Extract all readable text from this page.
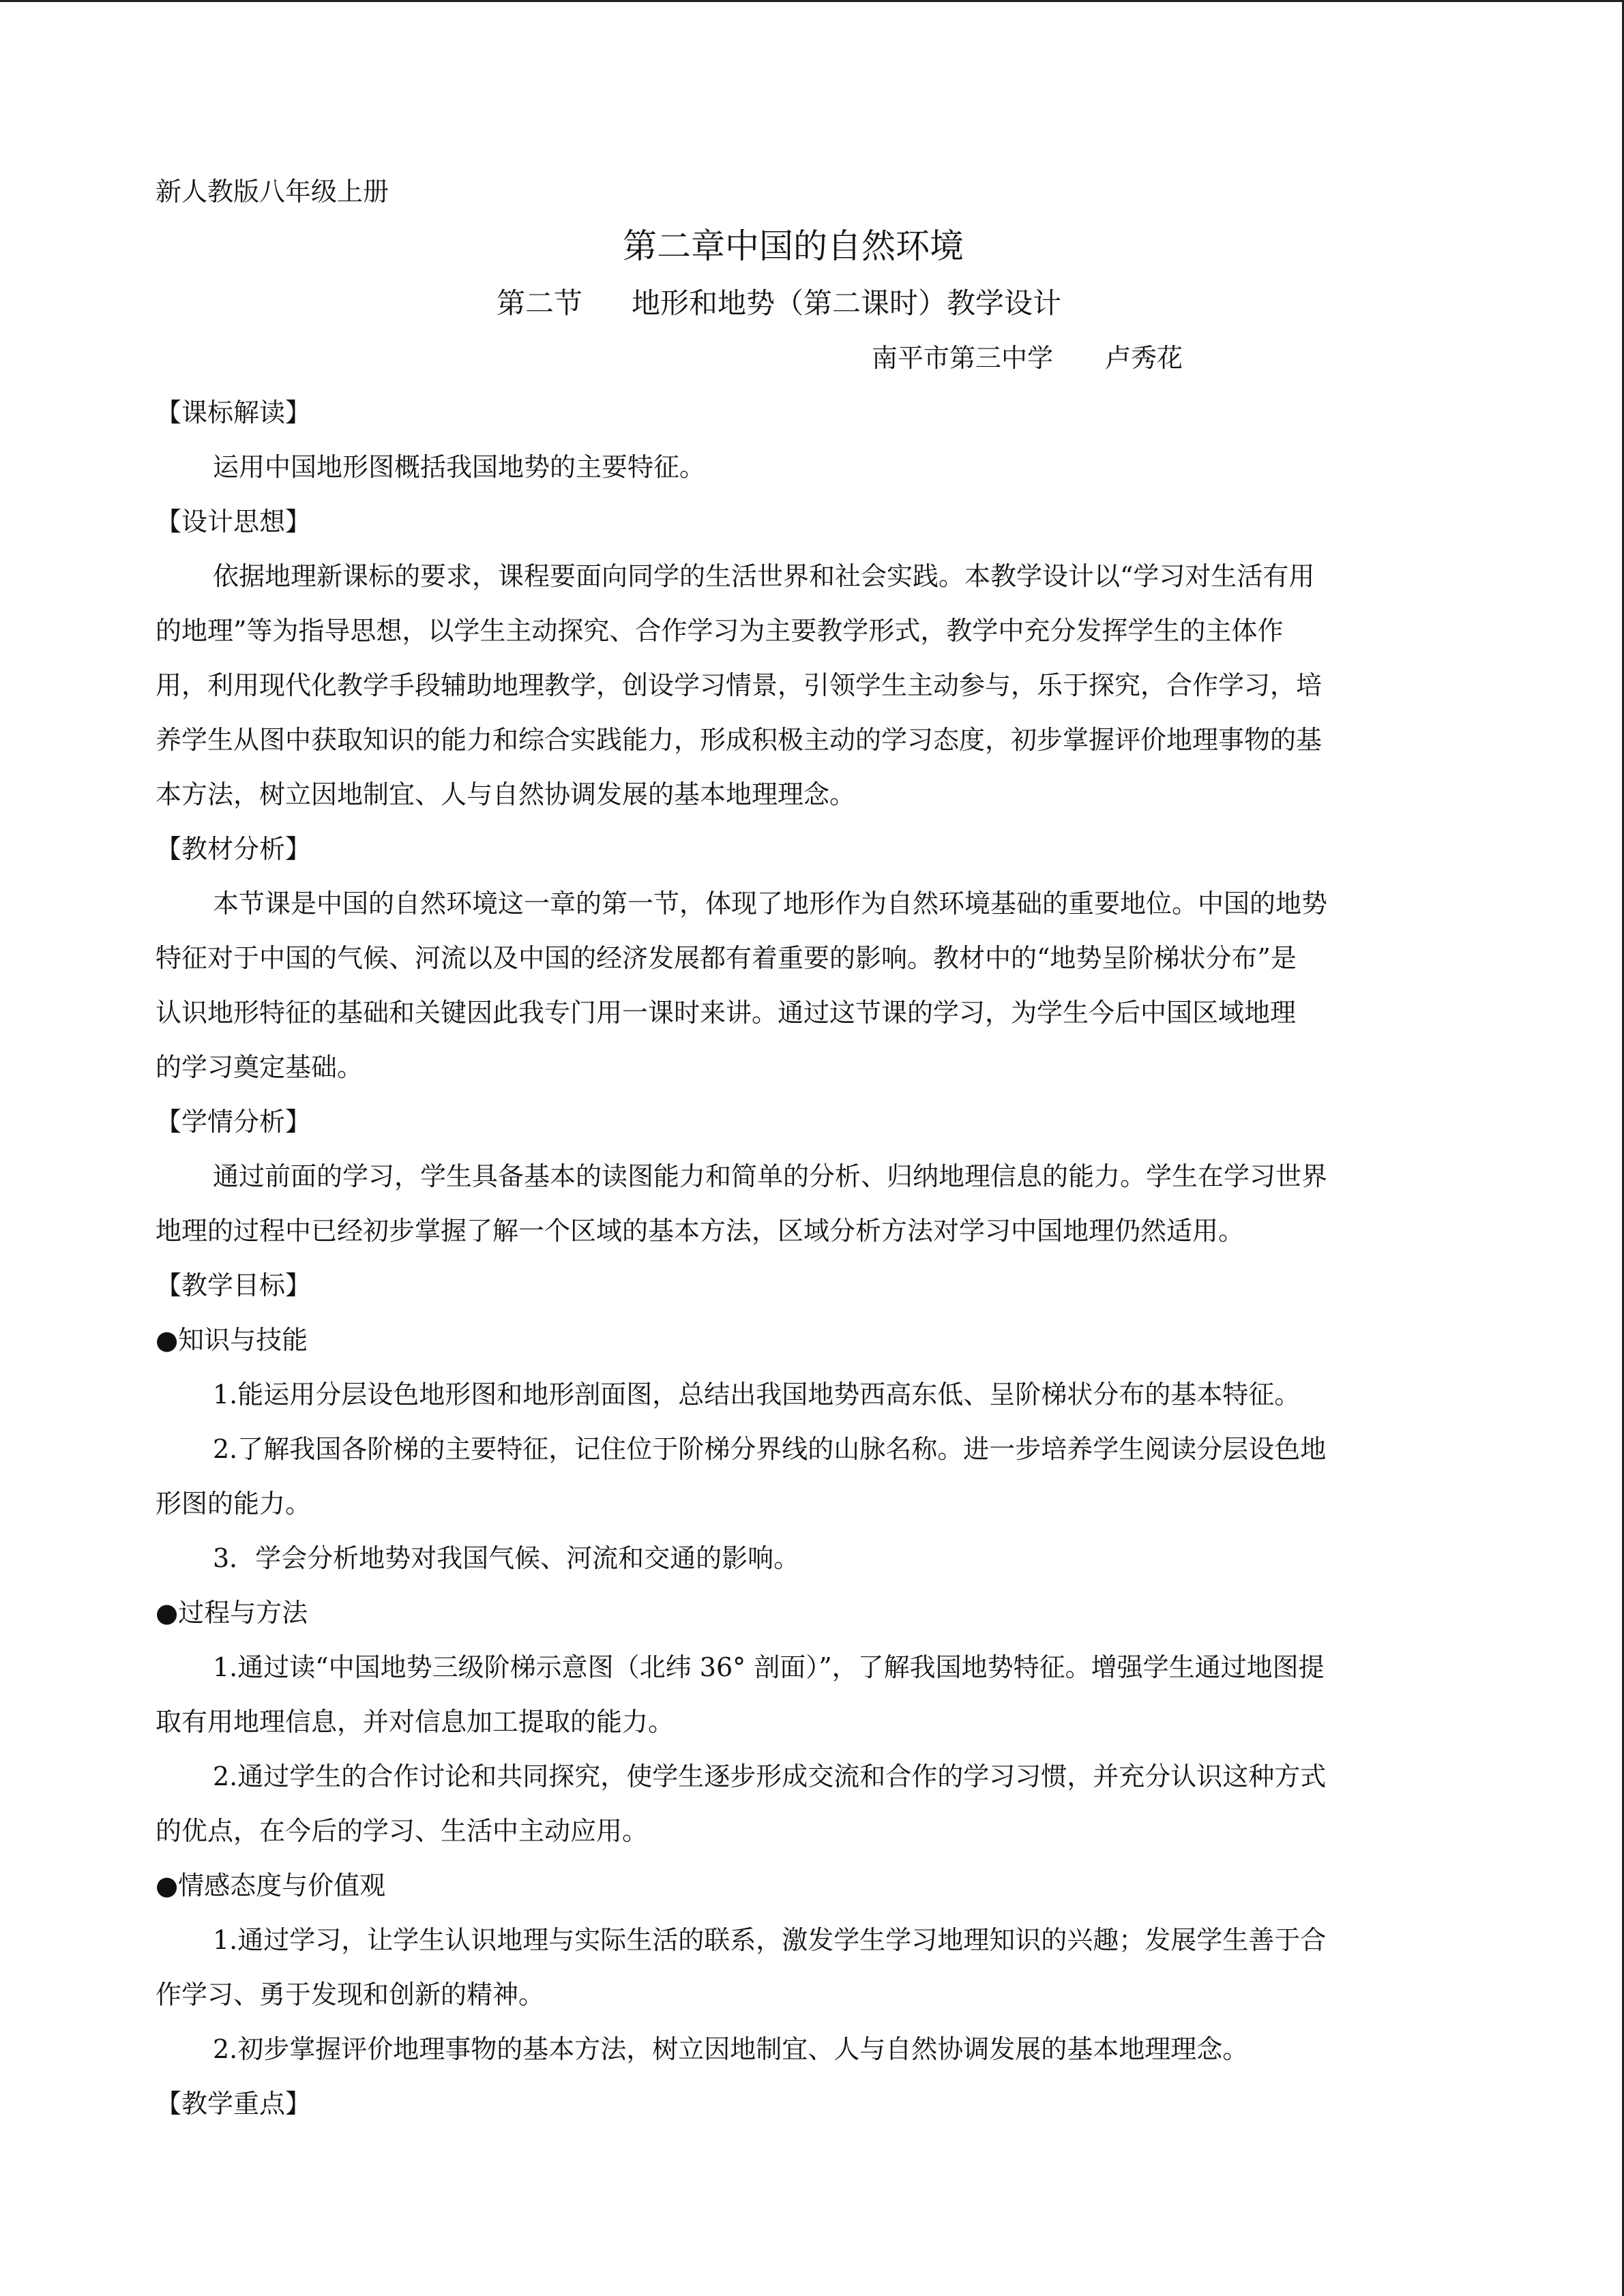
新人教版八年级上册
第二章中国的自然环境
第二节 地形和地势（第二课时）教学设计
南平市第三中学 卢秀花
【课标解读】
运用中国地形图概括我国地势的主要特征。
【设计思想】
依据地理新课标的要求，课程要面向同学的生活世界和社会实践。本教学设计以“学习对生活有用
的地理”等为指导思想，以学生主动探究、合作学习为主要教学形式，教学中充分发挥学生的主体作
用，利用现代化教学手段辅助地理教学，创设学习情景，引领学生主动参与，乐于探究，合作学习，培
养学生从图中获取知识的能力和综合实践能力，形成积极主动的学习态度，初步掌握评价地理事物的基
本方法，树立因地制宜、人与自然协调发展的基本地理理念。
【教材分析】
本节课是中国的自然环境这一章的第一节，体现了地形作为自然环境基础的重要地位。中国的地势
特征对于中国的气候、河流以及中国的经济发展都有着重要的影响。教材中的“地势呈阶梯状分布”是
认识地形特征的基础和关键因此我专门用一课时来讲。通过这节课的学习，为学生今后中国区域地理
的学习奠定基础。
【学情分析】
通过前面的学习，学生具备基本的读图能力和简单的分析、归纳地理信息的能力。学生在学习世界
地理的过程中已经初步掌握了解一个区域的基本方法，区域分析方法对学习中国地理仍然适用。
【教学目标】
●知识与技能
1.能运用分层设色地形图和地形剖面图，总结出我国地势西高东低、呈阶梯状分布的基本特征。
2.了解我国各阶梯的主要特征，记住位于阶梯分界线的山脉名称。进一步培养学生阅读分层设色地
形图的能力。
3．学会分析地势对我国气候、河流和交通的影响。
●过程与方法
1.通过读“中国地势三级阶梯示意图（北纬 36° 剖面）”，了解我国地势特征。增强学生通过地图提
取有用地理信息，并对信息加工提取的能力。
2.通过学生的合作讨论和共同探究，使学生逐步形成交流和合作的学习习惯，并充分认识这种方式
的优点，在今后的学习、生活中主动应用。
●情感态度与价值观
1.通过学习，让学生认识地理与实际生活的联系，激发学生学习地理知识的兴趣；发展学生善于合
作学习、勇于发现和创新的精神。
2.初步掌握评价地理事物的基本方法，树立因地制宜、人与自然协调发展的基本地理理念。
【教学重点】
